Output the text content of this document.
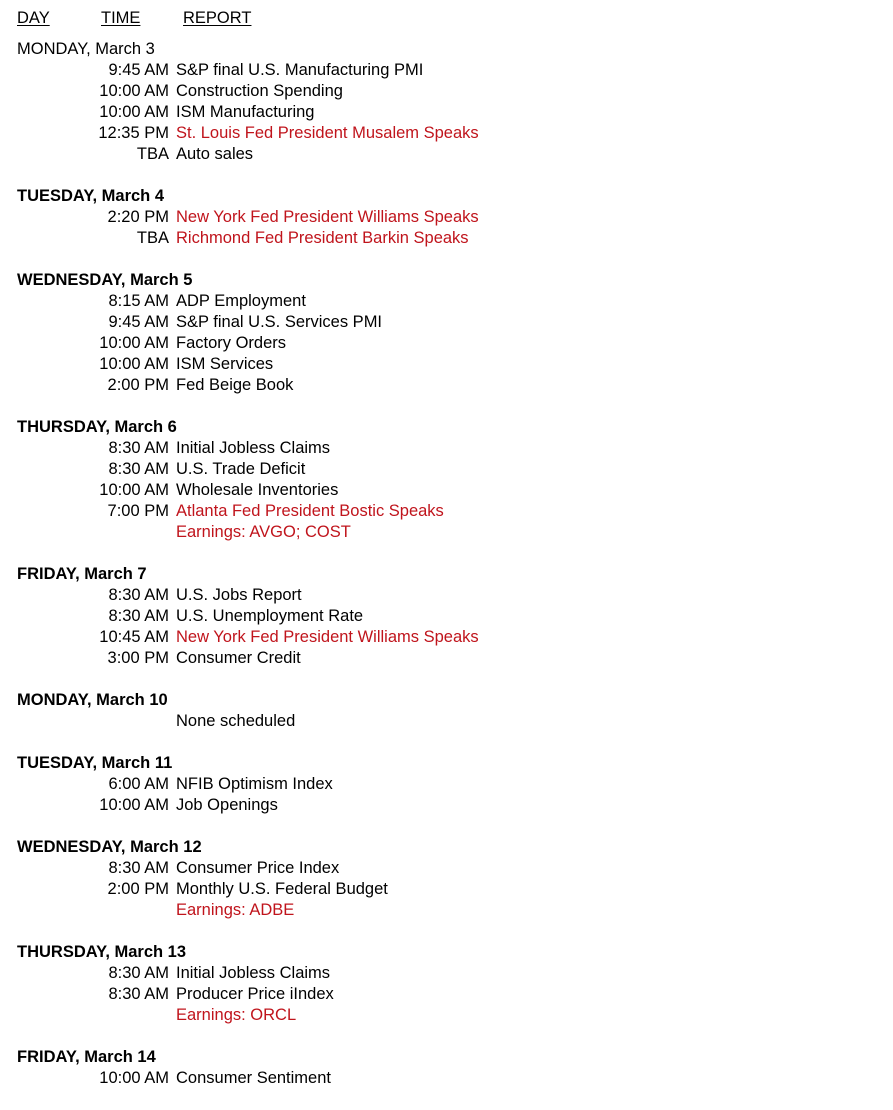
DAY	TIME	REPORT
MONDAY, March 3
9:45 AM S&P final U.S. Manufacturing PMI
10:00 AM Construction Spending
10:00 AM ISM Manufacturing
12:35 PM St. Louis Fed President Musalem Speaks
TBA Auto sales
TUESDAY, March 4
2:20 PM New York Fed President Williams Speaks
TBA Richmond Fed President Barkin Speaks
WEDNESDAY, March 5
8:15 AM ADP Employment
9:45 AM S&P final U.S. Services PMI
10:00 AM Factory Orders
10:00 AM ISM Services
2:00 PM Fed Beige Book
THURSDAY, March 6
8:30 AM Initial Jobless Claims
8:30 AM U.S. Trade Deficit
10:00 AM Wholesale Inventories
7:00 PM Atlanta Fed President Bostic Speaks
Earnings: AVGO; COST
FRIDAY, March 7
8:30 AM U.S. Jobs Report
8:30 AM U.S. Unemployment Rate
10:45 AM New York Fed President Williams Speaks
3:00 PM Consumer Credit
MONDAY, March 10
None scheduled
TUESDAY, March 11
6:00 AM NFIB Optimism Index
10:00 AM Job Openings
WEDNESDAY, March 12
8:30 AM Consumer Price Index
2:00 PM Monthly U.S. Federal Budget
Earnings: ADBE
THURSDAY, March 13
8:30 AM Initial Jobless Claims
8:30 AM Producer Price iIndex
Earnings: ORCL
FRIDAY, March 14
10:00 AM Consumer Sentiment
